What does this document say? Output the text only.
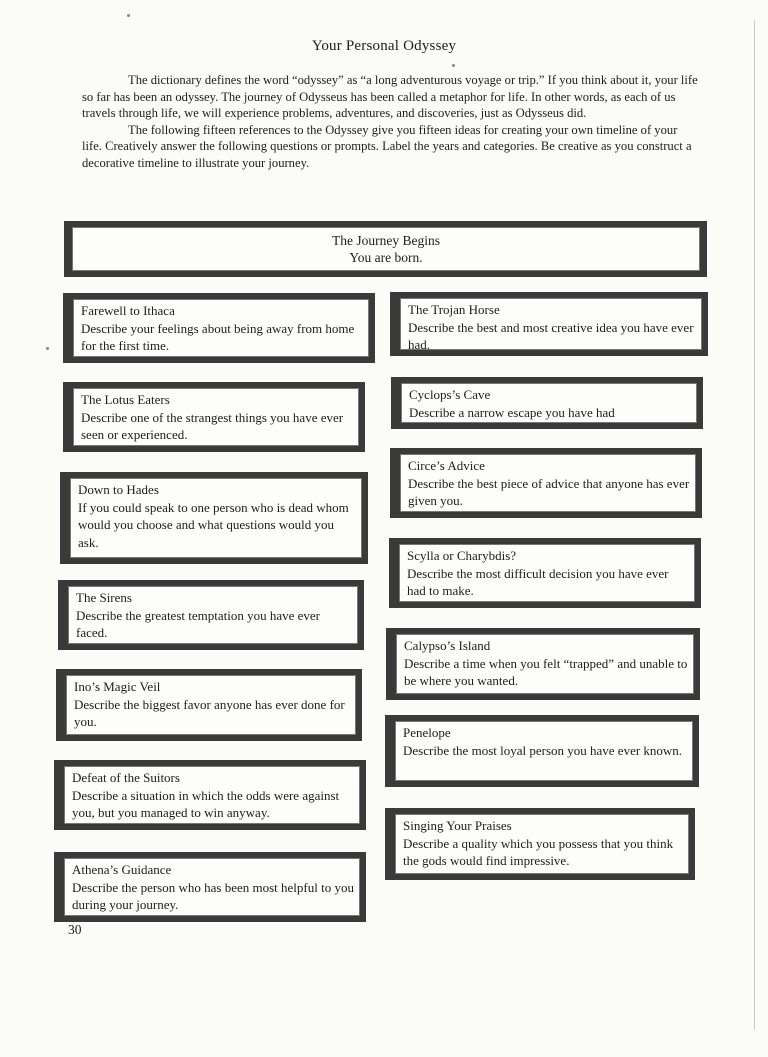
Your Personal Odyssey

The dictionary defines the word “odyssey” as “a long adventurous voyage or trip.” If you think about it, your life so far has been an odyssey. The journey of Odysseus has been called a metaphor for life. In other words, as each of us travels through life, we will experience problems, adventures, and discoveries, just as Odysseus did.

The following fifteen references to the Odyssey give you fifteen ideas for creating your own timeline of your life. Creatively answer the following questions or prompts. Label the years and categories. Be creative as you construct a decorative timeline to illustrate your journey.

The Journey Begins
You are born.
Farewell to Ithaca
Describe your feelings about being away from home for the first time.
The Lotus Eaters
Describe one of the strangest things you have ever seen or experienced.
Down to Hades
If you could speak to one person who is dead whom would you choose and what questions would you ask.
The Sirens
Describe the greatest temptation you have ever faced.
Ino’s Magic Veil
Describe the biggest favor anyone has ever done for you.
Defeat of the Suitors
Describe a situation in which the odds were against you, but you managed to win anyway.
Athena’s Guidance
Describe the person who has been most helpful to you during your journey.
The Trojan Horse
Describe the best and most creative idea you have ever had.
Cyclops’s Cave
Describe a narrow escape you have had
Circe’s Advice
Describe the best piece of advice that anyone has ever given you.
Scylla or Charybdis?
Describe the most difficult decision you have ever had to make.
Calypso’s Island
Describe a time when you felt “trapped” and unable to be where you wanted.
Penelope
Describe the most loyal person you have ever known.
Singing Your Praises
Describe a quality which you possess that you think the gods would find impressive.
30
